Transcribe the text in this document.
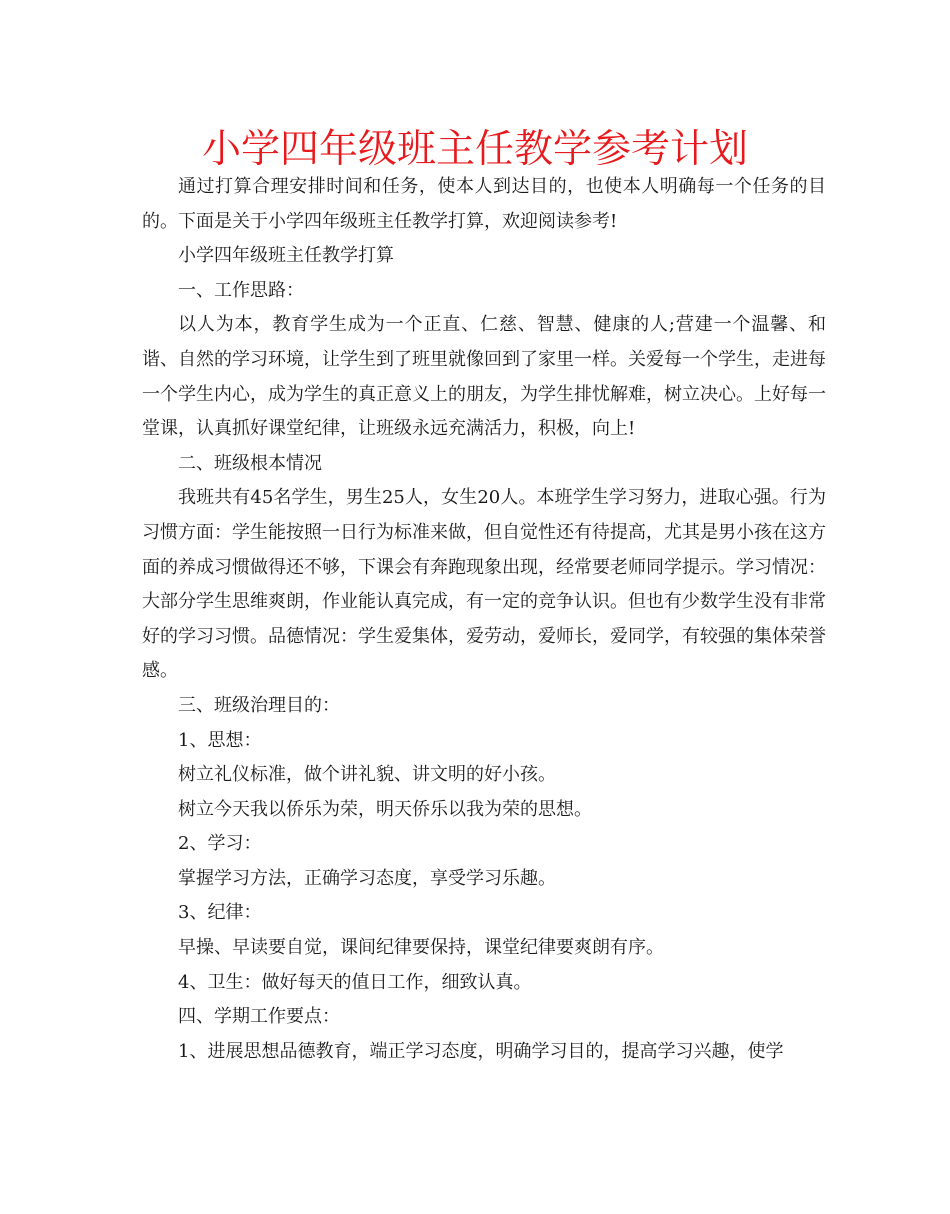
小学四年级班主任教学参考计划

通过打算合理安排时间和任务，使本人到达目的，也使本人明确每一个任务的目的。下面是关于小学四年级班主任教学打算，欢迎阅读参考!

小学四年级班主任教学打算

一、工作思路：

以人为本，教育学生成为一个正直、仁慈、智慧、健康的人;营建一个温馨、和谐、自然的学习环境，让学生到了班里就像回到了家里一样。关爱每一个学生，走进每一个学生内心，成为学生的真正意义上的朋友，为学生排忧解难，树立决心。上好每一堂课，认真抓好课堂纪律，让班级永远充满活力，积极，向上!

二、班级根本情况

我班共有45名学生，男生25人，女生20人。本班学生学习努力，进取心强。行为习惯方面：学生能按照一日行为标准来做，但自觉性还有待提高，尤其是男小孩在这方面的养成习惯做得还不够，下课会有奔跑现象出现，经常要老师同学提示。学习情况：大部分学生思维爽朗，作业能认真完成，有一定的竞争认识。但也有少数学生没有非常好的学习习惯。品德情况：学生爱集体，爱劳动，爱师长，爱同学，有较强的集体荣誉感。

三、班级治理目的：

1、思想：

树立礼仪标准，做个讲礼貌、讲文明的好小孩。

树立今天我以侨乐为荣，明天侨乐以我为荣的思想。

2、学习：

掌握学习方法，正确学习态度，享受学习乐趣。

3、纪律：

早操、早读要自觉，课间纪律要保持，课堂纪律要爽朗有序。

4、卫生：做好每天的值日工作，细致认真。

四、学期工作要点：

1、进展思想品德教育，端正学习态度，明确学习目的，提高学习兴趣，使学
